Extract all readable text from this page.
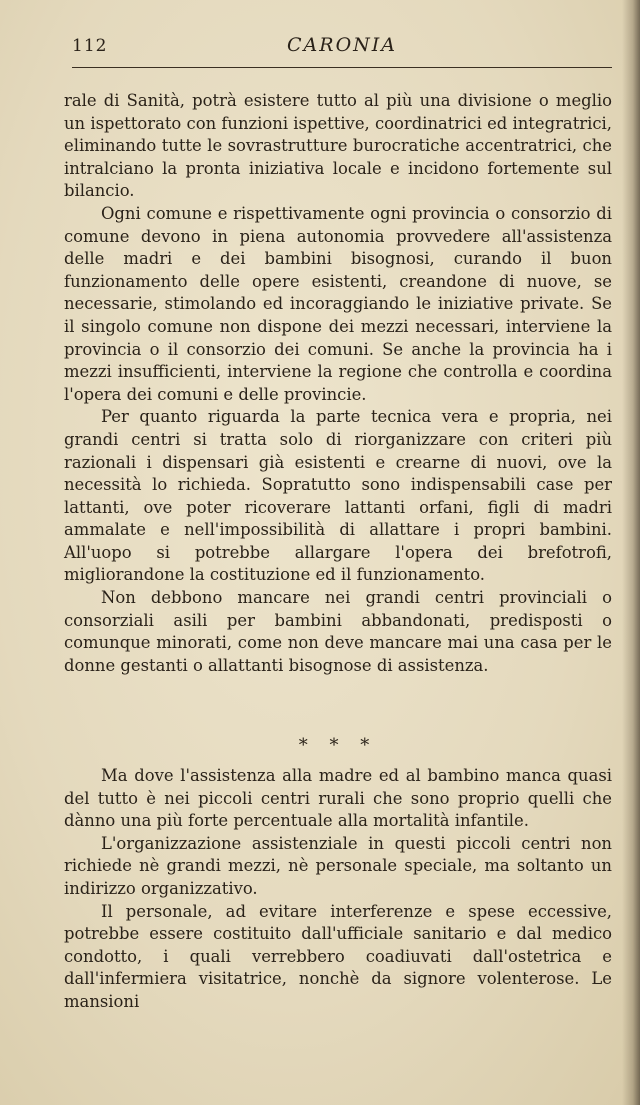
112	CARONIA

rale di Sanità, potrà esistere tutto al più una divisione o meglio un ispettorato con funzioni ispettive, coordinatrici ed integratrici, eliminando tutte le sovrastrutture burocratiche accentratrici, che intralciano la pronta iniziativa locale e incidono fortemente sul bilancio.

Ogni comune e rispettivamente ogni provincia o consorzio di comune devono in piena autonomia provvedere all'assistenza delle madri e dei bambini bisognosi, curando il buon funzionamento delle opere esistenti, creandone di nuove, se necessarie, stimolando ed incoraggiando le iniziative private. Se il singolo comune non dispone dei mezzi necessari, interviene la provincia o il consorzio dei comuni. Se anche la provincia ha i mezzi insufficienti, interviene la regione che controlla e coordina l'opera dei comuni e delle provincie.

Per quanto riguarda la parte tecnica vera e propria, nei grandi centri si tratta solo di riorganizzare con criteri più razionali i dispensari già esistenti e crearne di nuovi, ove la necessità lo richieda. Sopratutto sono indispensabili case per lattanti, ove poter ricoverare lattanti orfani, figli di madri ammalate e nell'impossibilità di allattare i propri bambini. All'uopo si potrebbe allargare l'opera dei brefotrofi, migliorandone la costituzione ed il funzionamento.

Non debbono mancare nei grandi centri provinciali o consorziali asili per bambini abbandonati, predisposti o comunque minorati, come non deve mancare mai una casa per le donne gestanti o allattanti bisognose di assistenza.

* * *

Ma dove l'assistenza alla madre ed al bambino manca quasi del tutto è nei piccoli centri rurali che sono proprio quelli che dànno una più forte percentuale alla mortalità infantile.

L'organizzazione assistenziale in questi piccoli centri non richiede nè grandi mezzi, nè personale speciale, ma soltanto un indirizzo organizzativo.

Il personale, ad evitare interferenze e spese eccessive, potrebbe essere costituito dall'ufficiale sanitario e dal medico condotto, i quali verrebbero coadiuvati dall'ostetrica e dall'infermiera visitatrice, nonchè da signore volenterose. Le mansioni
